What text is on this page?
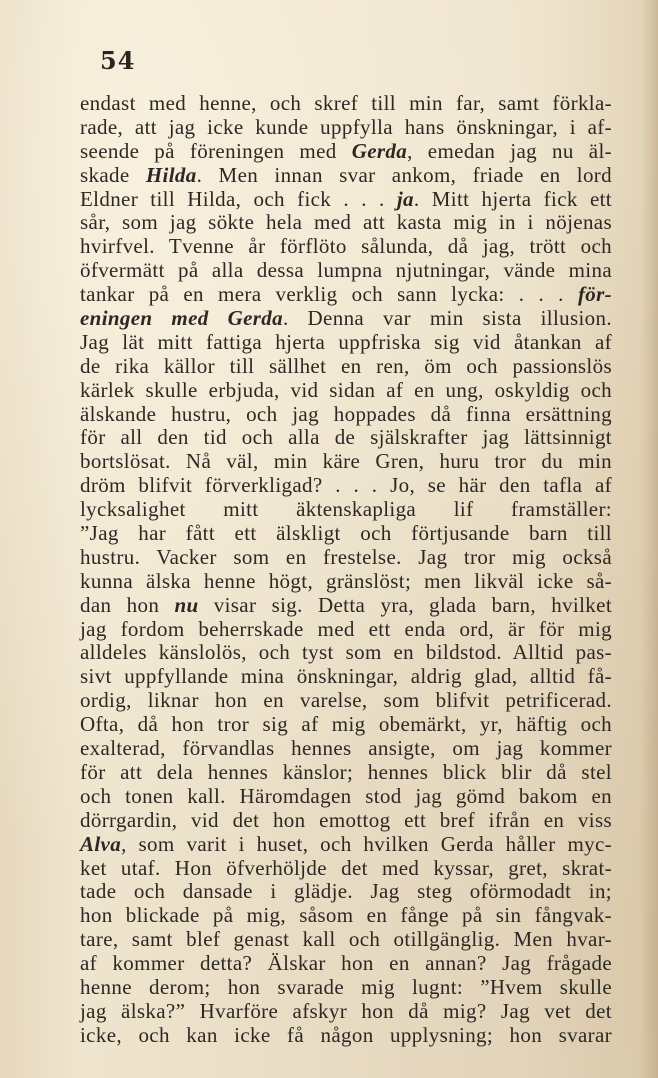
54
endast med henne, och skref till min far, samt förkla-
rade, att jag icke kunde uppfylla hans önskningar, i af-
seende på föreningen med Gerda, emedan jag nu äl-
skade Hilda. Men innan svar ankom, friade en lord
Eldner till Hilda, och fick . . . ja. Mitt hjerta fick ett
sår, som jag sökte hela med att kasta mig in i nöjenas
hvirfvel. Tvenne år förflöto sålunda, då jag, trött och
öfvermätt på alla dessa lumpna njutningar, vände mina
tankar på en mera verklig och sann lycka: . . . för-
eningen med Gerda. Denna var min sista illusion.
Jag lät mitt fattiga hjerta uppfriska sig vid åtankan af
de rika källor till sällhet en ren, öm och passionslös
kärlek skulle erbjuda, vid sidan af en ung, oskyldig och
älskande hustru, och jag hoppades då finna ersättning
för all den tid och alla de själskrafter jag lättsinnigt
bortslösat. Nå väl, min käre Gren, huru tror du min
dröm blifvit förverkligad? . . . Jo, se här den tafla af
lycksalighet mitt äktenskapliga lif framställer:
”Jag har fått ett älskligt och förtjusande barn till
hustru. Vacker som en frestelse. Jag tror mig också
kunna älska henne högt, gränslöst; men likväl icke så-
dan hon nu visar sig. Detta yra, glada barn, hvilket
jag fordom beherrskade med ett enda ord, är för mig
alldeles känslolös, och tyst som en bildstod. Alltid pas-
sivt uppfyllande mina önskningar, aldrig glad, alltid få-
ordig, liknar hon en varelse, som blifvit petrificerad.
Ofta, då hon tror sig af mig obemärkt, yr, häftig och
exalterad, förvandlas hennes ansigte, om jag kommer
för att dela hennes känslor; hennes blick blir då stel
och tonen kall. Häromdagen stod jag gömd bakom en
dörrgardin, vid det hon emottog ett bref ifrån en viss
Alva, som varit i huset, och hvilken Gerda håller myc-
ket utaf. Hon öfverhöljde det med kyssar, gret, skrat-
tade och dansade i glädje. Jag steg oförmodadt in;
hon blickade på mig, såsom en fånge på sin fångvak-
tare, samt blef genast kall och otillgänglig. Men hvar-
af kommer detta? Älskar hon en annan? Jag frågade
henne derom; hon svarade mig lugnt: ”Hvem skulle
jag älska?” Hvarföre afskyr hon då mig? Jag vet det
icke, och kan icke få någon upplysning; hon svarar
